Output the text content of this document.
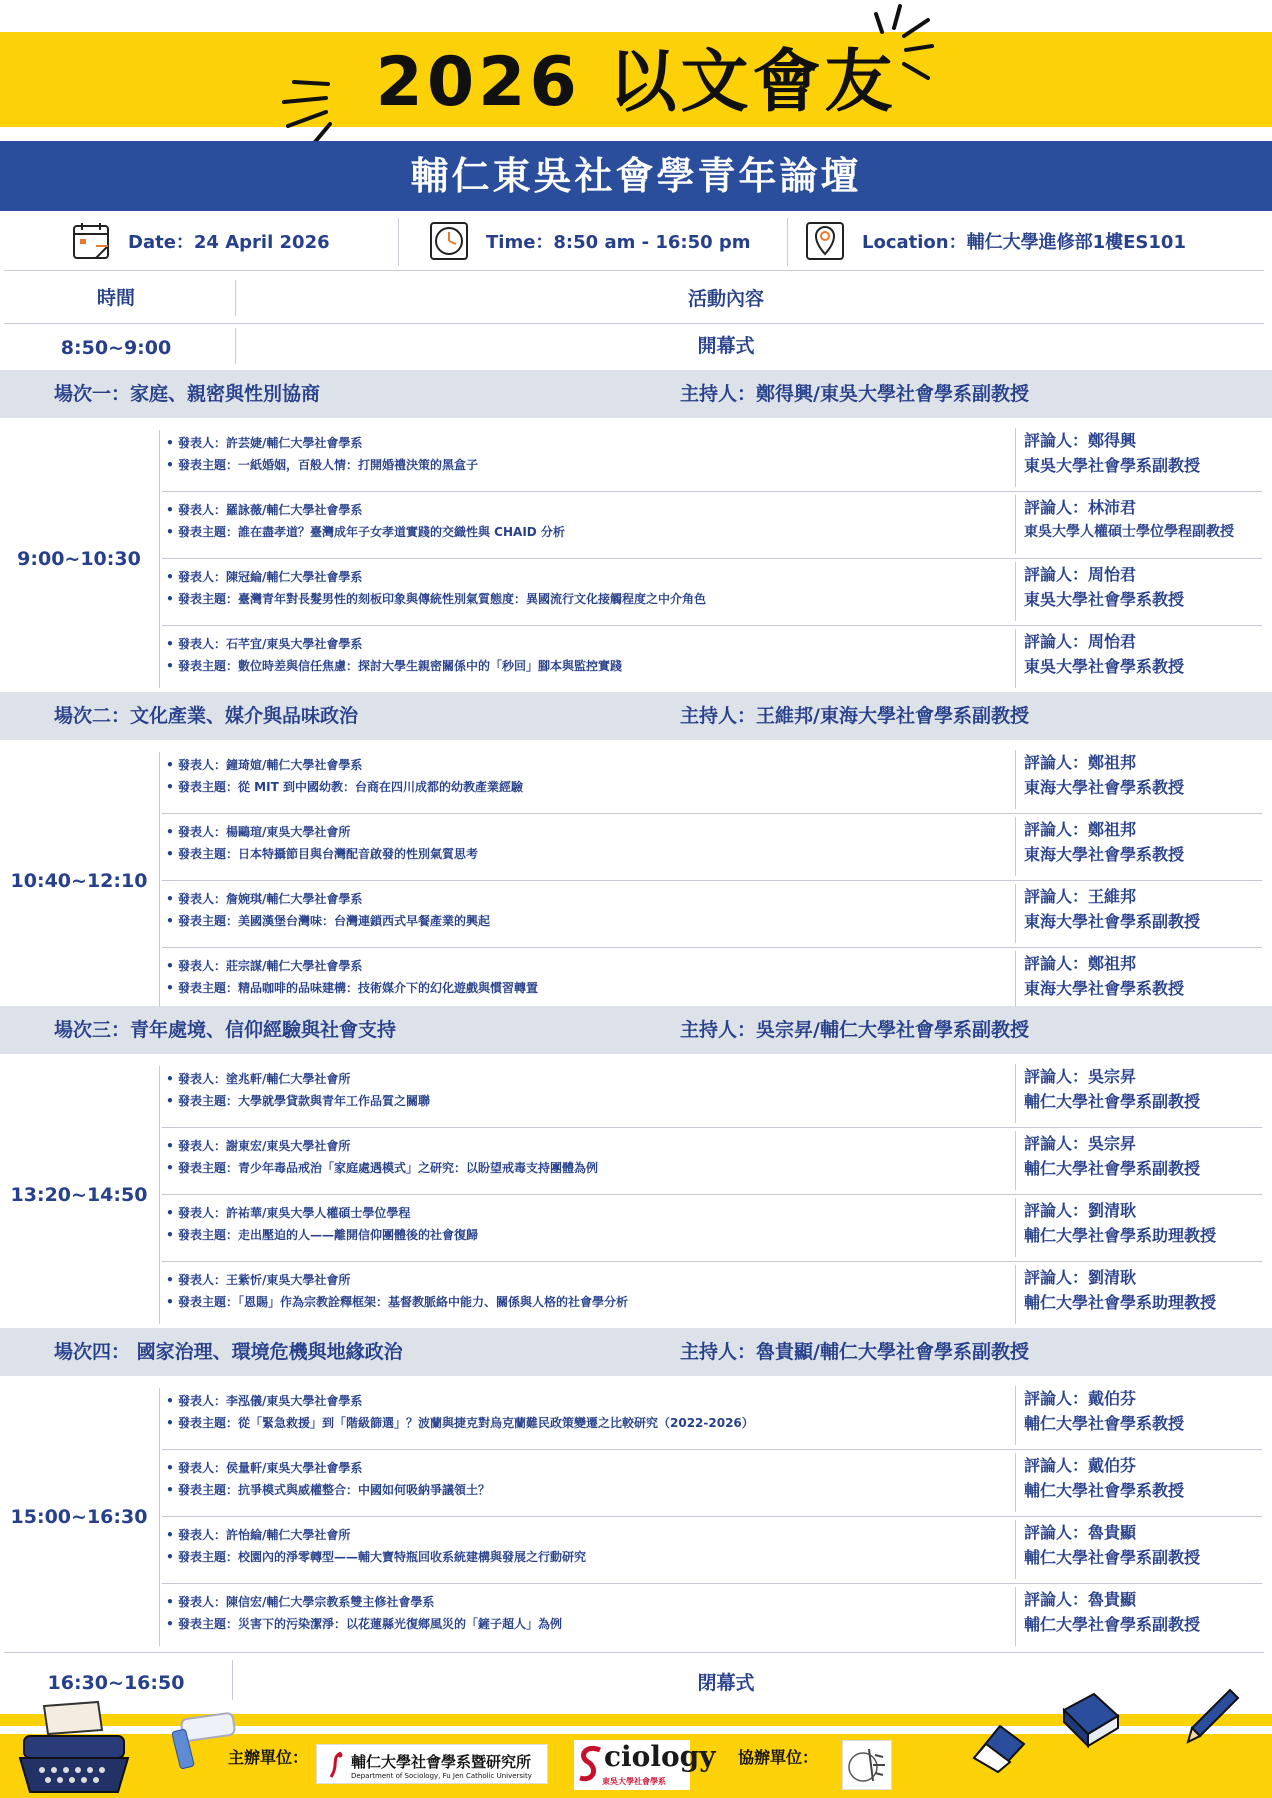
2026 以文會友
輔仁東吳社會學青年論壇
Date：24 April 2026	Time：8:50 am - 16:50 pm	Location：輔仁大學進修部1樓ES101
時間	活動內容
8:50~9:00	開幕式
場次一：家庭、親密與性別協商	主持人：鄭得興/東吳大學社會學系副教授
9:00~10:30
• 發表人：許芸婕/輔仁大學社會學系
• 發表主題：一紙婚姻，百般人情：打開婚禮決策的黑盒子
評論人：鄭得興
東吳大學社會學系副教授
• 發表人：羅詠薇/輔仁大學社會學系
• 發表主題：誰在盡孝道？臺灣成年子女孝道實踐的交織性與 CHAID 分析
評論人：林沛君
東吳大學人權碩士學位學程副教授
• 發表人：陳冠綸/輔仁大學社會學系
• 發表主題：臺灣青年對長髮男性的刻板印象與傳統性別氣質態度：異國流行文化接觸程度之中介角色
評論人：周怡君
東吳大學社會學系教授
• 發表人：石芊宜/東吳大學社會學系
• 發表主題：數位時差與信任焦慮：探討大學生親密關係中的「秒回」腳本與監控實踐
評論人：周怡君
東吳大學社會學系教授
場次二：文化產業、媒介與品味政治	主持人：王維邦/東海大學社會學系副教授
10:40~12:10
• 發表人：鐘琦媗/輔仁大學社會學系
• 發表主題：從 MIT 到中國幼教：台商在四川成都的幼教產業經驗
評論人：鄭祖邦
東海大學社會學系教授
• 發表人：楊鷗瑄/東吳大學社會所
• 發表主題：日本特攝節目與台灣配音啟發的性別氣質思考
評論人：鄭祖邦
東海大學社會學系教授
• 發表人：詹婉琪/輔仁大學社會學系
• 發表主題：美國漢堡台灣味：台灣連鎖西式早餐產業的興起
評論人：王維邦
東海大學社會學系副教授
• 發表人：莊宗謀/輔仁大學社會學系
• 發表主題：精品咖啡的品味建構：技術媒介下的幻化遊戲與慣習轉置
評論人：鄭祖邦
東海大學社會學系教授
場次三：青年處境、信仰經驗與社會支持	主持人：吳宗昇/輔仁大學社會學系副教授
13:20~14:50
• 發表人：塗兆軒/輔仁大學社會所
• 發表主題：大學就學貸款與青年工作品質之關聯
評論人：吳宗昇
輔仁大學社會學系副教授
• 發表人：謝東宏/東吳大學社會所
• 發表主題：青少年毒品戒治「家庭處遇模式」之研究：以盼望戒毒支持團體為例
評論人：吳宗昇
輔仁大學社會學系副教授
• 發表人：許祐華/東吳大學人權碩士學位學程
• 發表主題：走出壓迫的人——離開信仰團體後的社會復歸
評論人：劉清耿
輔仁大學社會學系助理教授
• 發表人：王紫忻/東吳大學社會所
• 發表主題：「恩賜」作為宗教詮釋框架：基督教脈絡中能力、關係與人格的社會學分析
評論人：劉清耿
輔仁大學社會學系助理教授
場次四： 國家治理、環境危機與地緣政治	主持人：魯貴顯/輔仁大學社會學系副教授
15:00~16:30
• 發表人：李泓儀/東吳大學社會學系
• 發表主題：從「緊急救援」到「階級篩選」？波蘭與捷克對烏克蘭難民政策變遷之比較研究（2022-2026）
評論人：戴伯芬
輔仁大學社會學系教授
• 發表人：侯量軒/東吳大學社會學系
• 發表主題：抗爭模式與威權整合：中國如何吸納爭議領土？
評論人：戴伯芬
輔仁大學社會學系教授
• 發表人：許怡綸/輔仁大學社會所
• 發表主題：校園內的淨零轉型——輔大寶特瓶回收系統建構與發展之行動研究
評論人：魯貴顯
輔仁大學社會學系副教授
• 發表人：陳信宏/輔仁大學宗教系雙主修社會學系
• 發表主題：災害下的污染潔淨：以花蓮縣光復鄉風災的「鏟子超人」為例
評論人：魯貴顯
輔仁大學社會學系副教授
16:30~16:50	閉幕式
主辦單位：	輔仁大學社會學系暨研究所
Department of Sociology, Fu Jen Catholic University
ciology
東吳大學社會學系
協辦單位：
